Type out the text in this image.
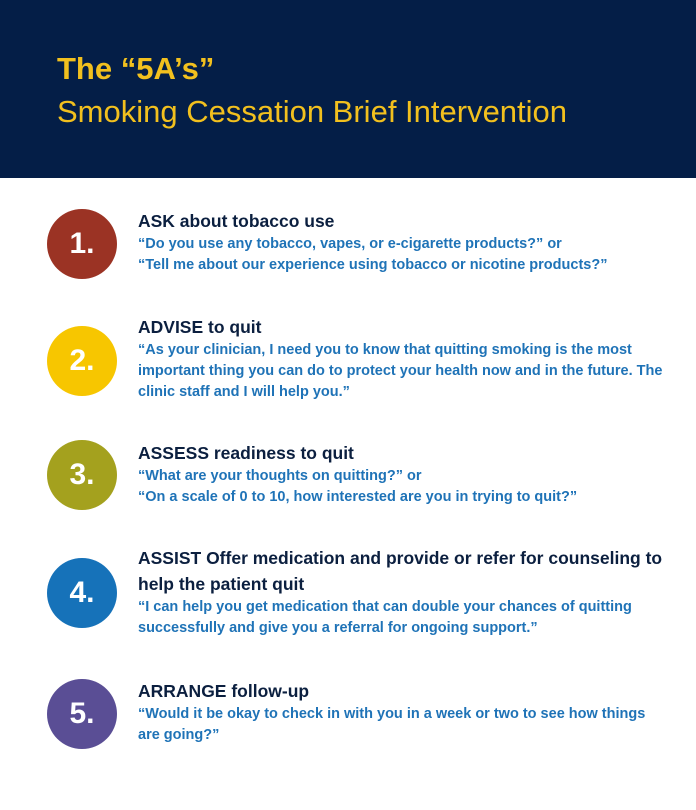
The “5A’s”
Smoking Cessation Brief Intervention
1.
ASK about tobacco use
“Do you use any tobacco, vapes, or e-cigarette products?” or
“Tell me about our experience using tobacco or nicotine products?”
2.
ADVISE to quit
“As your clinician, I need you to know that quitting smoking is the most important thing you can do to protect your health now and in the future. The clinic staff and I will help you.”
3.
ASSESS readiness to quit
“What are your thoughts on quitting?” or
“On a scale of 0 to 10, how interested are you in trying to quit?”
4.
ASSIST Offer medication and provide or refer for counseling to help the patient quit
“I can help you get medication that can double your chances of quitting successfully and give you a referral for ongoing support.”
5.
ARRANGE follow-up
“Would it be okay to check in with you in a week or two to see how things are going?”
